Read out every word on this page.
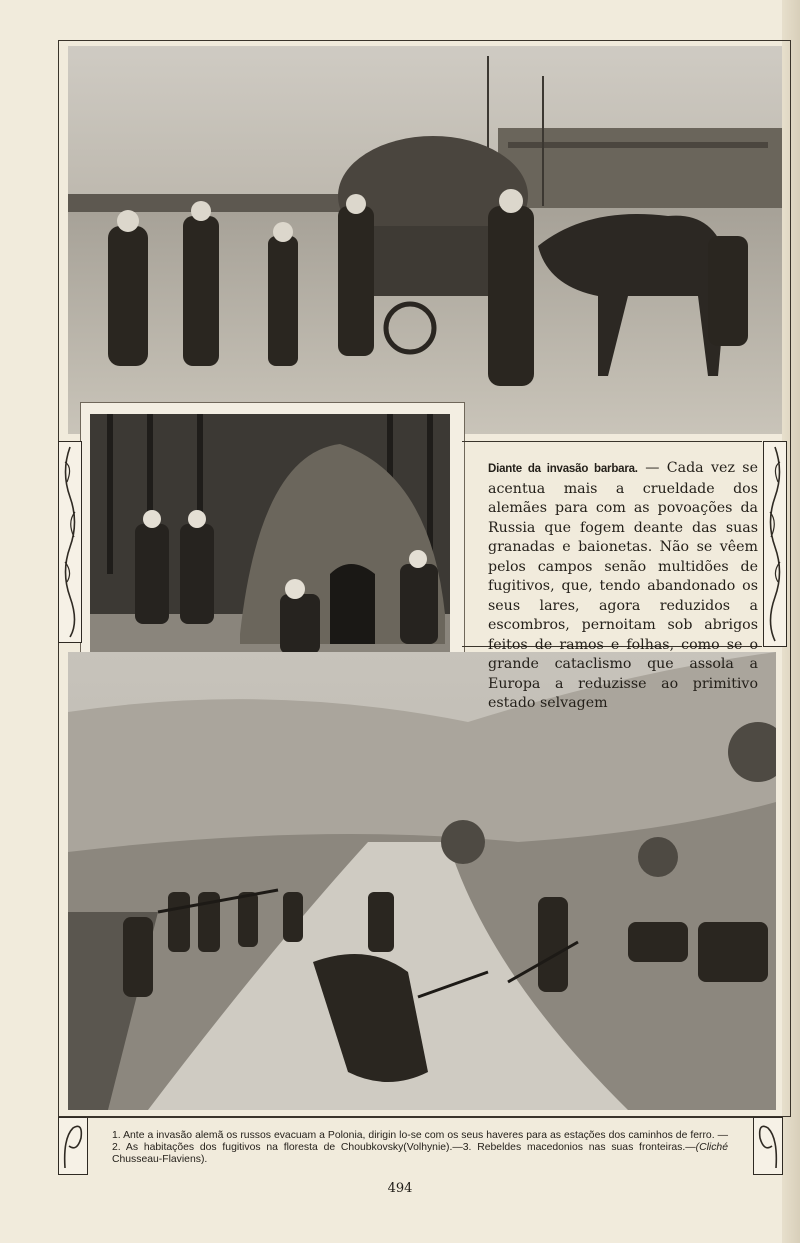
Diante da invasão barbara. — Cada vez se acentua mais a crueldade dos alemães para com as povoações da Russia que fogem deante das suas granadas e baionetas. Não se vêem pelos campos senão multidões de fugitivos, que, tendo abandonado os seus lares, agora reduzidos a escombros, pernoitam sob abrigos feitos de ramos e folhas, como se o grande cataclismo que assola a Europa a reduzisse ao primitivo estado selvagem
1. Ante a invasão alemã os russos evacuam a Polonia, dirigin lo-se com os seus haveres para as estações dos caminhos de ferro. — 2. As habitações dos fugitivos na floresta de Choubkovsky(Volhynie).—3. Rebeldes macedonios nas suas fronteiras.—(Cliché Chusseau-Flaviens).
494
